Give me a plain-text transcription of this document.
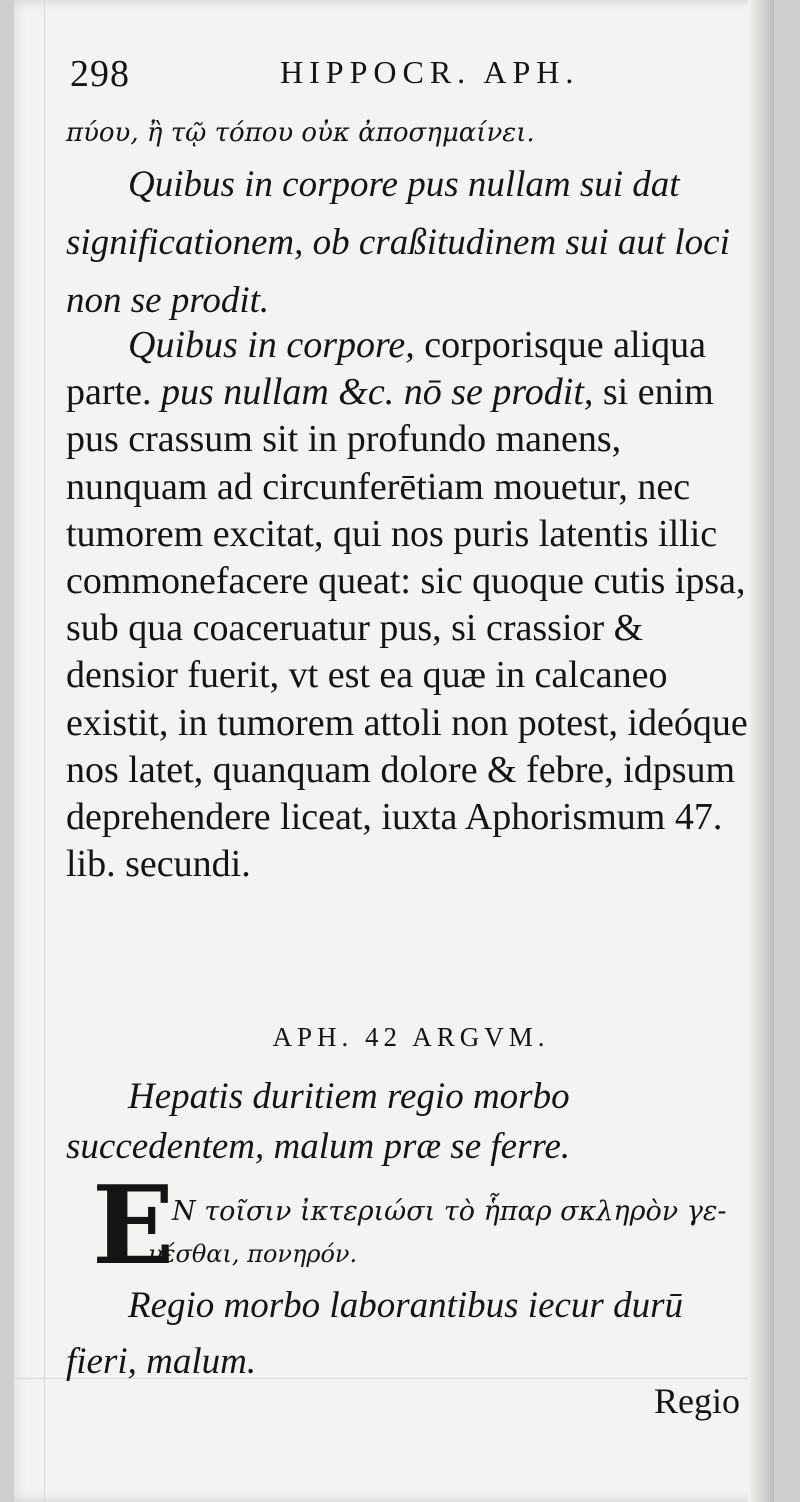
298	HIPPOCR. APH.
πύου, ἢ τῷ τόπου οὐκ ἀποσημαίνει.
Quibus in corpore pus nullam sui dat significationem, ob craßitudinem sui aut loci non se prodit.
Quibus in corpore, corporisque aliqua parte. pus nullam &c. nō se prodit, si enim pus crassum sit in profundo manens, nunquam ad circunferētiam mouetur, nec tumorem excitat, qui nos puris latentis illic commonefacere queat: sic quoque cutis ipsa, sub qua coaceruatur pus, si crassior & densior fuerit, vt est ea quæ in calcaneo existit, in tumorem attoli non potest, ideóque nos latet, quanquam dolore & febre, idpsum deprehendere liceat, iuxta Aphorismum 47. lib. secundi.
APH. 42 ARGVM.
Hepatis duritiem regio morbo succedentem, malum præ se ferre.
E
Ν τοῖσιν ἰκτεριώσι τὸ ἧπαρ σκληρὸν γε-
νέσθαι, πονηρόν.
Regio morbo laborantibus iecur durū fieri, malum.
Regio
